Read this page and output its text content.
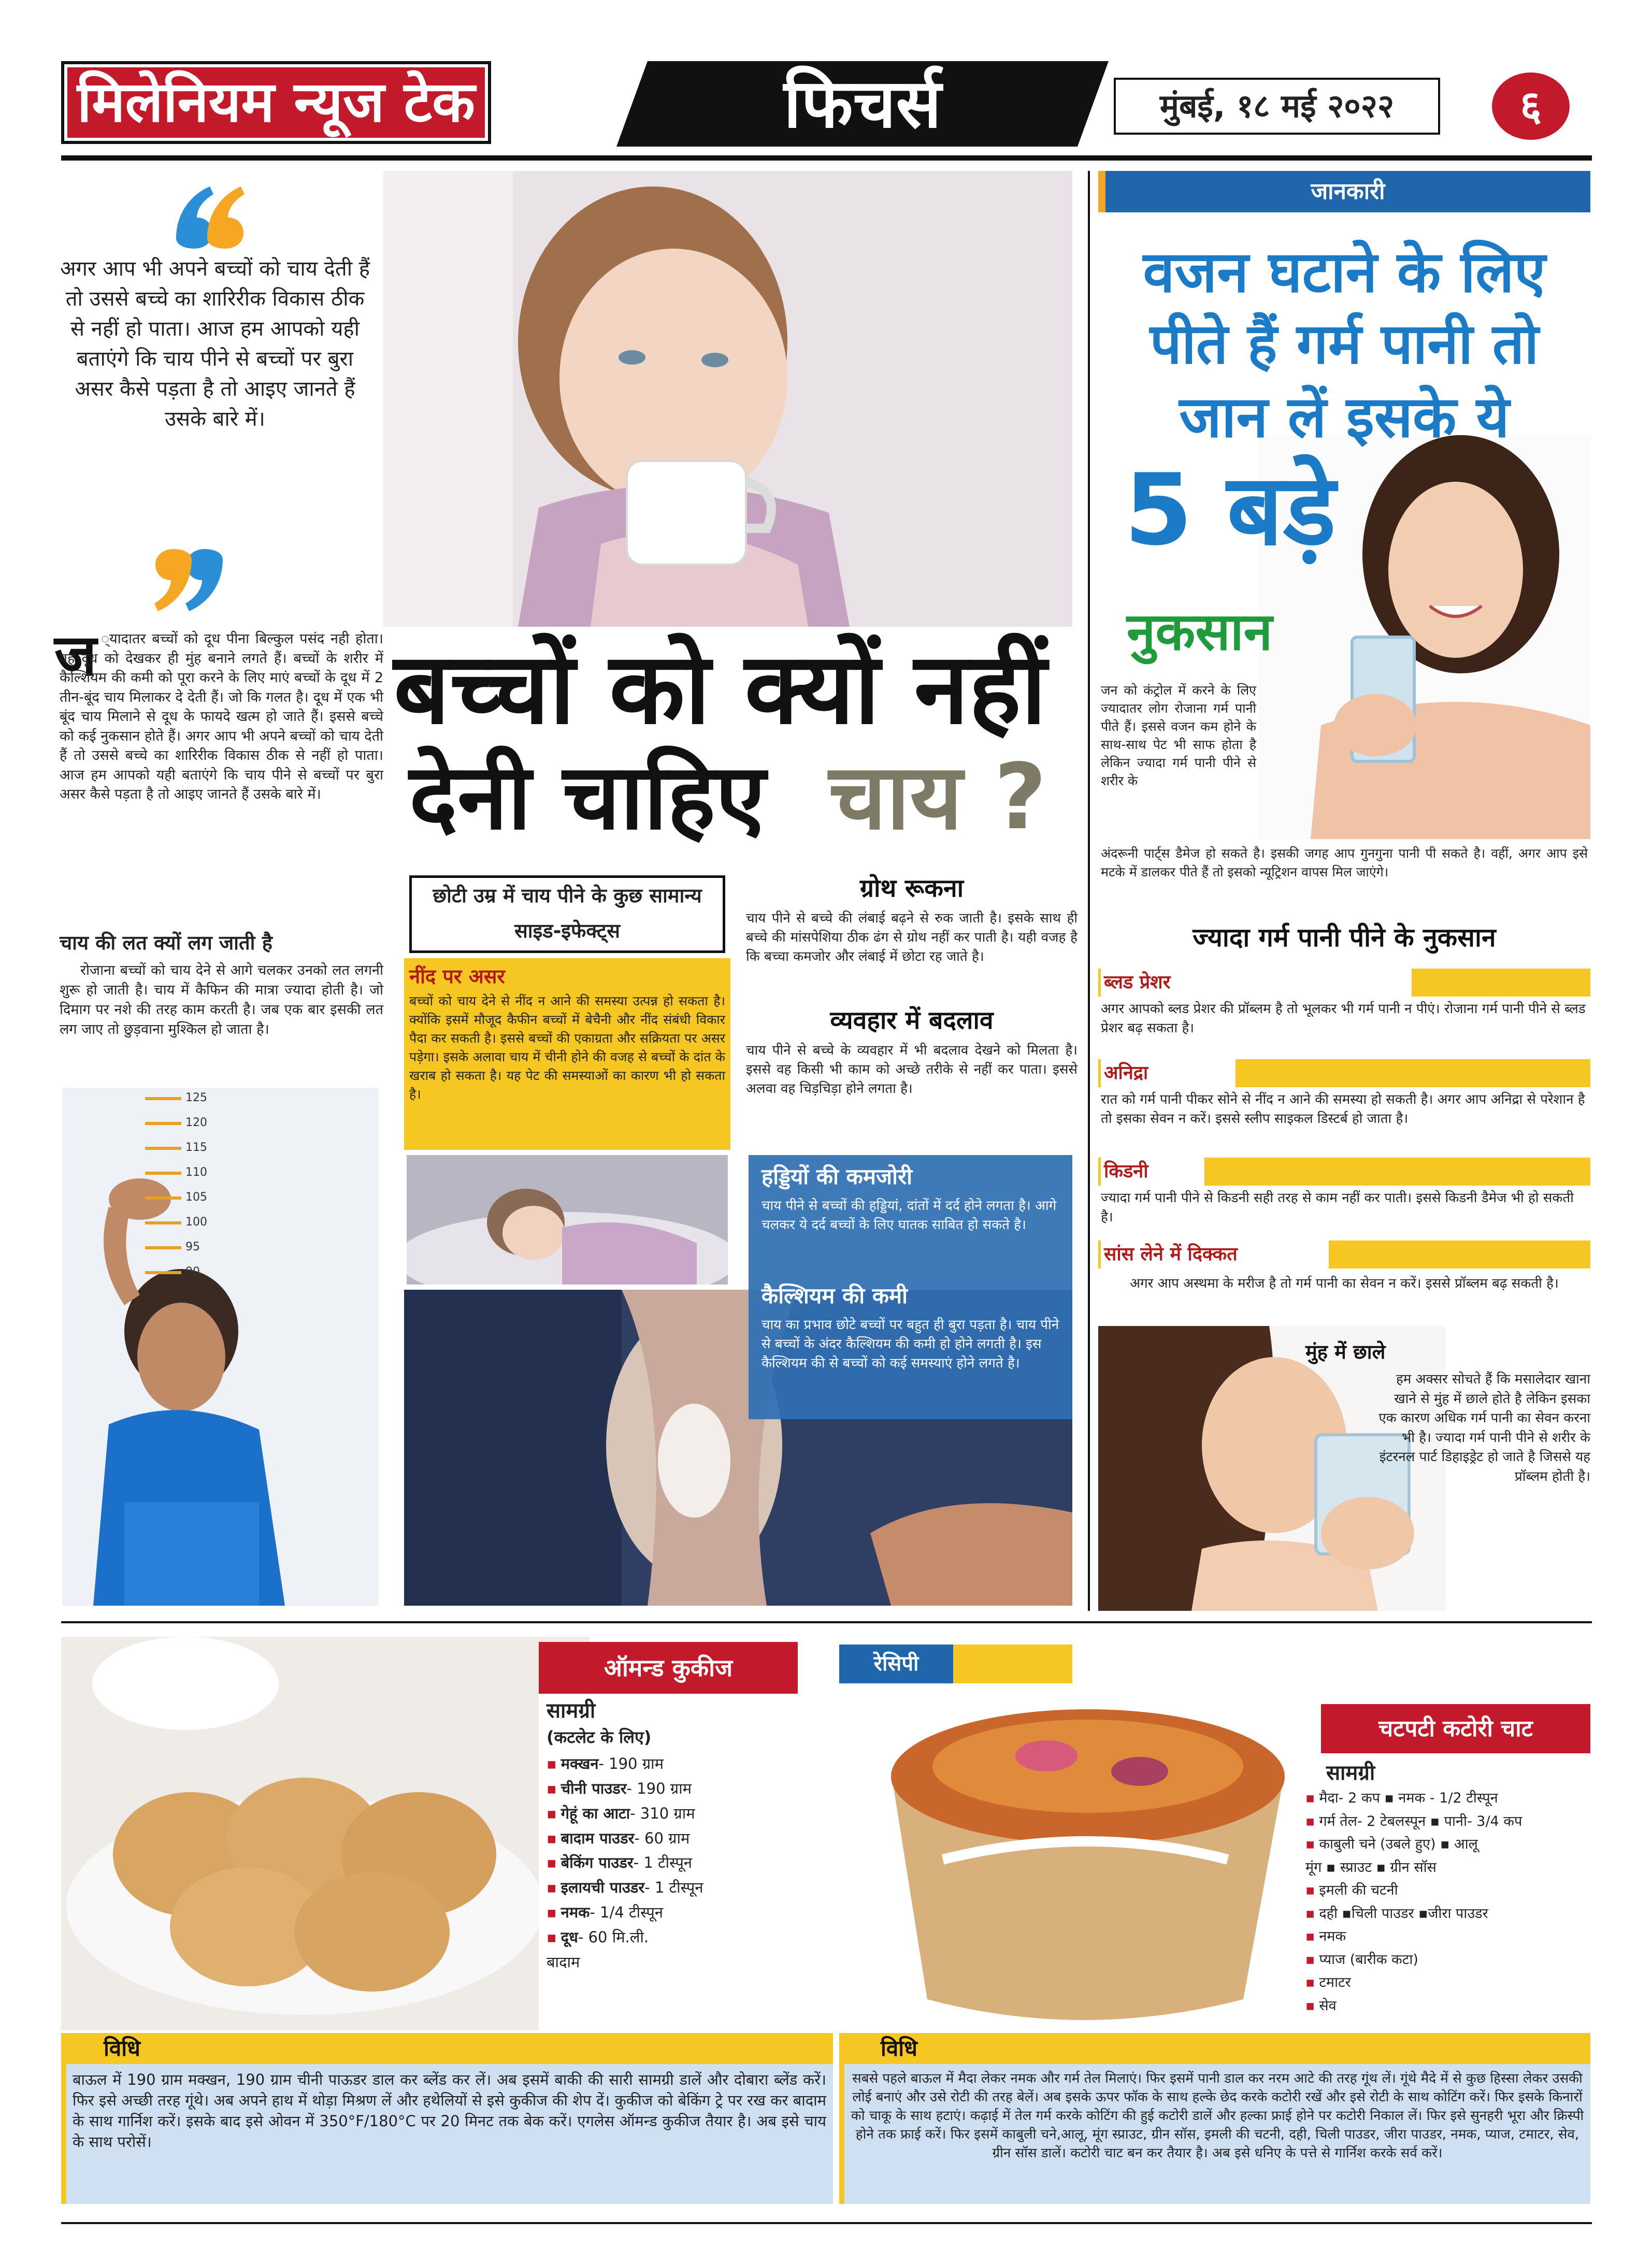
मिलेनियम न्यूज टेक	फिचर्स	मुंबई, १८ मई २०२२	६
अगर आप भी अपने बच्चों को चाय देती हैं तो उससे बच्चे का शारिरीक विकास ठीक से नहीं हो पाता। आज हम आपको यही बताएंगे कि चाय पीने से बच्चों पर बुरा असर कैसे पड़ता है तो आइए जानते हैं उसके बारे में।
ज ्यादातर बच्चों को दूध पीना बिल्कुल पसंद नही होता। वह दूध को देखकर ही मुंह बनाने लगते हैं। बच्चों के शरीर में कैल्शियम की कमी को पूरा करने के लिए माएं बच्चों के दूध में 2 तीन-बूंद चाय मिलाकर दे देती हैं। जो कि गलत है। दूध में एक भी बूंद चाय मिलाने से दूध के फायदे खत्म हो जाते हैं। इससे बच्चे को कई नुकसान होते हैं। अगर आप भी अपने बच्चों को चाय देती हैं तो उससे बच्चे का शारिरीक विकास ठीक से नहीं हो पाता। आज हम आपको यही बताएंगे कि चाय पीने से बच्चों पर बुरा असर कैसे पड़ता है तो आइए जानते हैं उसके बारे में।
चाय की लत क्यों लग जाती है
रोजाना बच्चों को चाय देने से आगे चलकर उनको लत लगनी शुरू हो जाती है। चाय में कैफिन की मात्रा ज्यादा होती है। जो दिमाग पर नशे की तरह काम करती है। जब एक बार इसकी लत लग जाए तो छुड़वाना मुश्किल हो जाता है।
125
120
115
110
105
100
95
90
बच्चों को क्यों नहीं
देनी चाहिए चाय ?
छोटी उम्र में चाय पीने के कुछ सामान्य साइड-इफेक्ट्स
नींद पर असर
बच्चों को चाय देने से नींद न आने की समस्या उत्पन्न हो सकता है। क्योंकि इसमें मौजूद कैफीन बच्चों में बेचैनी और नींद संबंधी विकार पैदा कर सकती है। इससे बच्चों की एकाग्रता और सक्रियता पर असर पड़ेगा। इसके अलावा चाय में चीनी होने की वजह से बच्चों के दांत के खराब हो सकता है। यह पेट की समस्याओं का कारण भी हो सकता है।
ग्रोथ रूकना
चाय पीने से बच्चे की लंबाई बढ़ने से रुक जाती है। इसके साथ ही बच्चे की मांसपेशिया ठीक ढंग से ग्रोथ नहीं कर पाती है। यही वजह है कि बच्चा कमजोर और लंबाई में छोटा रह जाते है।
व्यवहार में बदलाव
चाय पीने से बच्चे के व्यवहार में भी बदलाव देखने को मिलता है। इससे वह किसी भी काम को अच्छे तरीके से नहीं कर पाता। इससे अलवा वह चिड़चिड़ा होने लगता है।
हड्डियों की कमजोरी
चाय पीने से बच्चों की हड्डियां, दांतों में दर्द होने लगता है। आगे चलकर ये दर्द बच्चों के लिए घातक साबित हो सकते है।
कैल्शियम की कमी
चाय का प्रभाव छोटे बच्चों पर बहुत ही बुरा पड़ता है। चाय पीने से बच्चों के अंदर कैल्शियम की कमी हो होने लगती है। इस कैल्शियम की से बच्चों को कई समस्याएं होने लगते है।
जानकारी
वजन घटाने के लिए
पीते हैं गर्म पानी तो
जान लें इसके ये
5 बड़े
नुकसान
जन को कंट्रोल में करने के लिए ज्यादातर लोग रोजाना गर्म पानी पीते हैं। इससे वजन कम होने के साथ-साथ पेट भी साफ होता है लेकिन ज्यादा गर्म पानी पीने से शरीर के
अंदरूनी पार्ट्स डैमेज हो सकते है। इसकी जगह आप गुनगुना पानी पी सकते है। वहीं, अगर आप इसे मटके में डालकर पीते हैं तो इसको न्यूट्रिशन वापस मिल जाएंगे।
ज्यादा गर्म पानी पीने के नुकसान
ब्लड प्रेशर
अगर आपको ब्लड प्रेशर की प्रॉब्लम है तो भूलकर भी गर्म पानी न पीएं। रोजाना गर्म पानी पीने से ब्लड प्रेशर बढ़ सकता है।
अनिद्रा
रात को गर्म पानी पीकर सोने से नींद न आने की समस्या हो सकती है। अगर आप अनिद्रा से परेशान है तो इसका सेवन न करें। इससे स्लीप साइकल डिस्टर्ब हो जाता है।
किडनी
ज्यादा गर्म पानी पीने से किडनी सही तरह से काम नहीं कर पाती। इससे किडनी डैमेज भी हो सकती है।
सांस लेने में दिक्कत
अगर आप अस्थमा के मरीज है तो गर्म पानी का सेवन न करें। इससे प्रॉब्लम बढ़ सकती है।
मुंह में छाले
हम अक्सर सोचते हैं कि मसालेदार खाना खाने से मुंह में छाले होते है लेकिन इसका एक कारण अधिक गर्म पानी का सेवन करना भी है। ज्यादा गर्म पानी पीने से शरीर के इंटरनल पार्ट डिहाइड्रेट हो जाते है जिससे यह प्रॉब्लम होती है।
ऑमन्ड कुकीज
सामग्री
(कटलेट के लिए)
▪ मक्खन- 190 ग्राम
▪ चीनी पाउडर- 190 ग्राम
▪ गेहूं का आटा- 310 ग्राम
▪ बादाम पाउडर- 60 ग्राम
▪ बेकिंग पाउडर- 1 टीस्पून
▪ इलायची पाउडर- 1 टीस्पून
▪ नमक- 1/4 टीस्पून
▪ दूध- 60 मि.ली.
बादाम
विधि
बाऊल में 190 ग्राम मक्खन, 190 ग्राम चीनी पाऊडर डाल कर ब्लेंड कर लें। अब इसमें बाकी की सारी सामग्री डालें और दोबारा ब्लेंड करें। फिर इसे अच्छी तरह गूंथे। अब अपने हाथ में थोड़ा मिश्रण लें और हथेलियों से इसे कुकीज की शेप दें। कुकीज को बेकिंग ट्रे पर रख कर बादाम के साथ गार्निश करें। इसके बाद इसे ओवन में 350°F/180°C पर 20 मिनट तक बेक करें। एगलेस ऑमन्ड कुकीज तैयार है। अब इसे चाय के साथ परोसें।
रेसिपी
चटपटी कटोरी चाट
सामग्री
▪ मैदा- 2 कप ▪ नमक - 1/2 टीस्पून
▪ गर्म तेल- 2 टेबलस्पून ▪ पानी- 3/4 कप
▪ काबुली चने (उबले हुए) ▪ आलू
मूंग ▪ स्प्राउट ▪ ग्रीन सॉस
▪ इमली की चटनी
▪ दही ▪चिली पाउडर ▪जीरा पाउडर
▪ नमक
▪ प्याज (बारीक कटा)
▪ टमाटर
▪ सेव
विधि
सबसे पहले बाऊल में मैदा लेकर नमक और गर्म तेल मिलाएं। फिर इसमें पानी डाल कर नरम आटे की तरह गूंथ लें। गूंथे मैदे में से कुछ हिस्सा लेकर उसकी लोई बनाएं और उसे रोटी की तरह बेलें। अब इसके ऊपर फॉक के साथ हल्के छेद करके कटोरी रखें और इसे रोटी के साथ कोटिंग करें। फिर इसके किनारों को चाकू के साथ हटाएं। कढ़ाई में तेल गर्म करके कोटिंग की हुई कटोरी डालें और हल्का फ्राई होने पर कटोरी निकाल लें। फिर इसे सुनहरी भूरा और क्रिस्पी होने तक फ्राई करें। फिर इसमें काबुली चने,आलू, मूंग स्प्राउट, ग्रीन सॉस, इमली की चटनी, दही, चिली पाउडर, जीरा पाउडर, नमक, प्याज, टमाटर, सेव, ग्रीन सॉस डालें। कटोरी चाट बन कर तैयार है। अब इसे धनिए के पत्ते से गार्निश करके सर्व करें।
